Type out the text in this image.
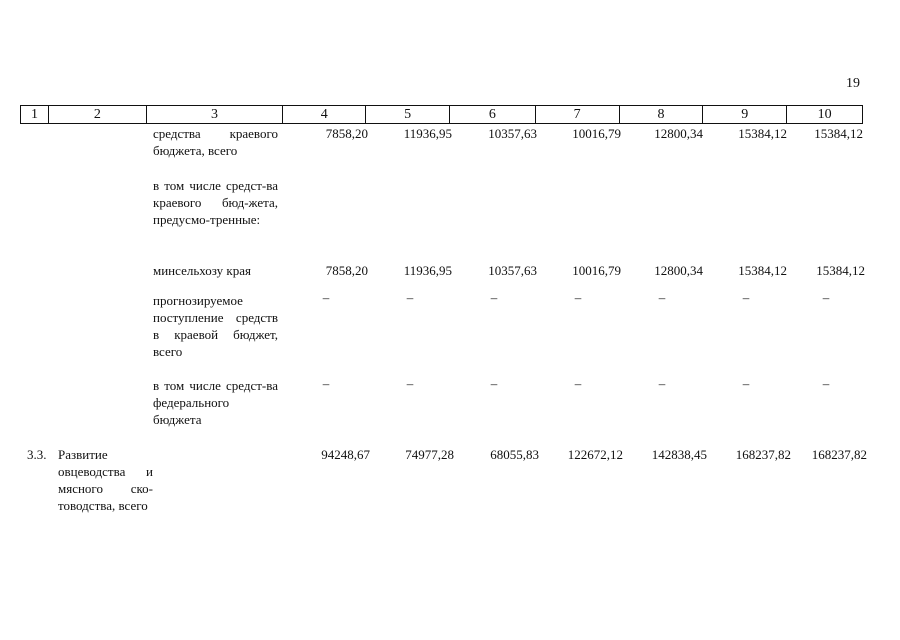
19
1	2	3	4	5	6	7	8	9	10
средства краевого бюджета, всего
7858,20	11936,95	10357,63	10016,79	12800,34	15384,12 15384,12
в том числе средст-ва краевого бюд-жета, предусмо-тренные:
минсельхозу края	7858,20	11936,95	10357,63	10016,79	12800,34	15384,12 15384,12
прогнозируемое поступление средств в краевой бюджет, всего
–	–	–	–	–	–	–
в том числе средст-ва федерального бюджета
–	–	–	–	–	–	–
3.3. Развитие овцеводства и мясного ско-товодства, всего
94248,67	74977,28	68055,83 122672,12 142838,45 168237,82 168237,82
